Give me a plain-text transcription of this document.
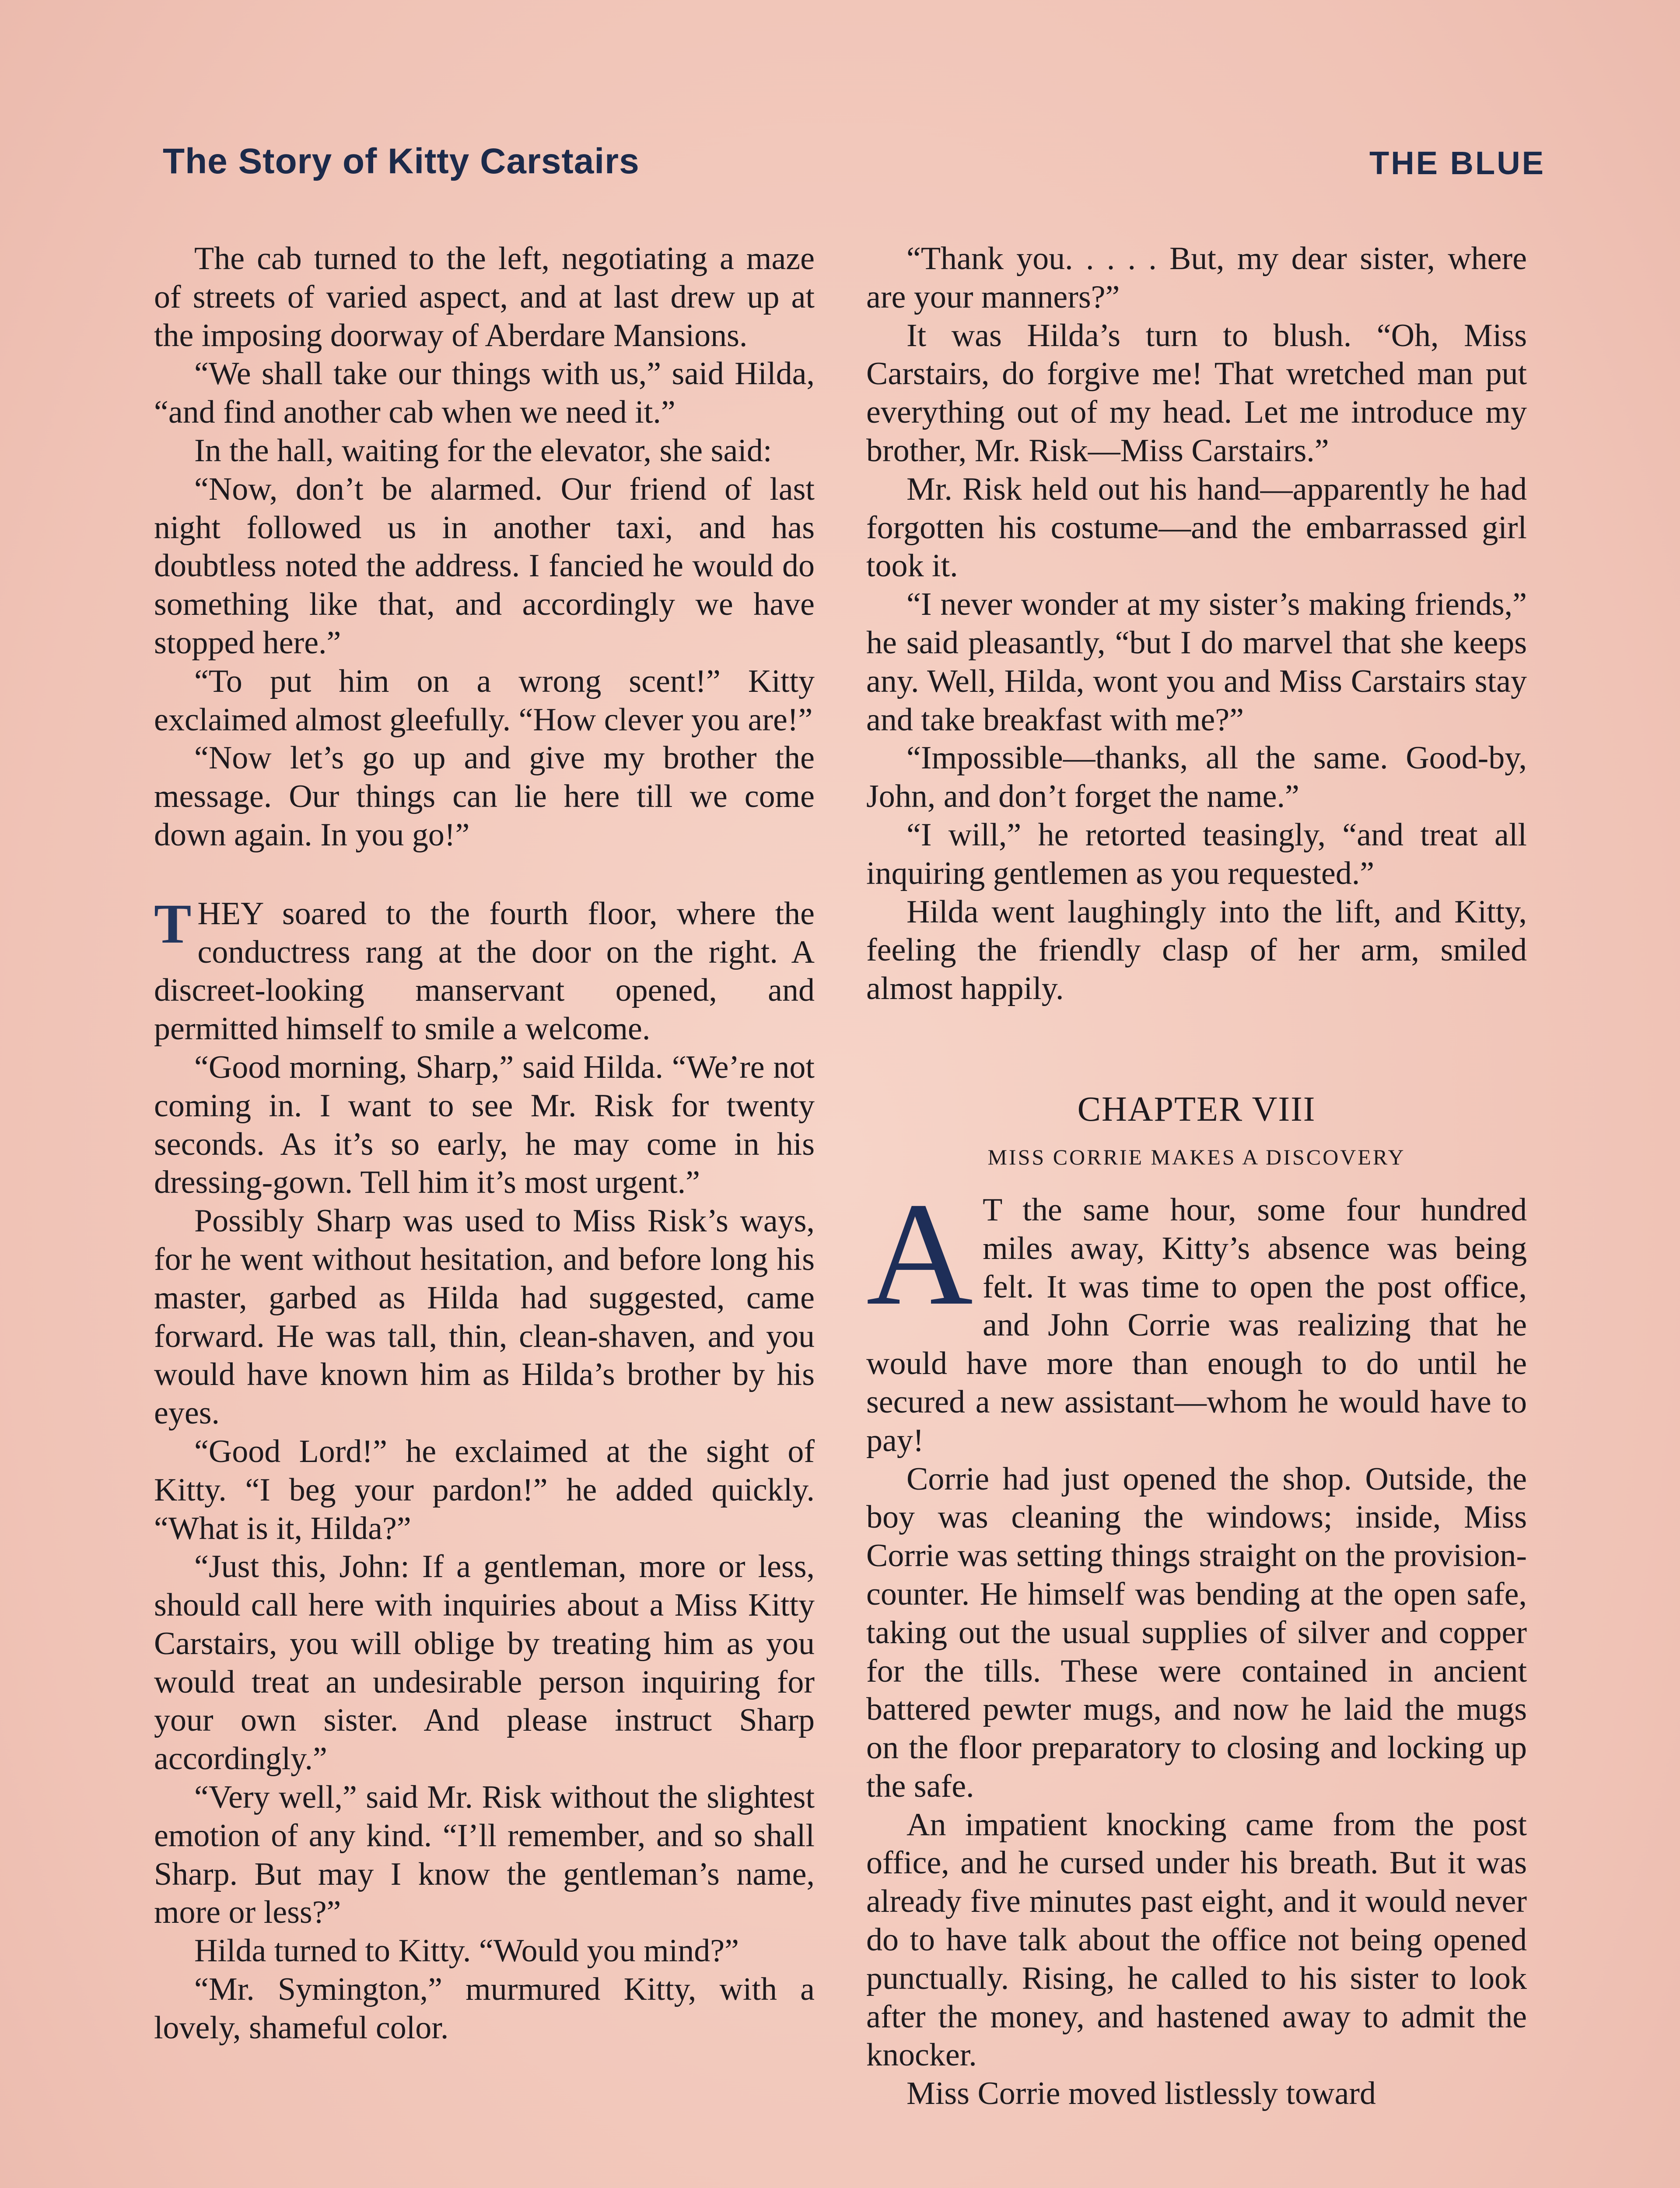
The Story of Kitty Carstairs	THE BLUE

The cab turned to the left, negotiating a maze of streets of varied aspect, and at last drew up at the imposing doorway of Aberdare Mansions.

“We shall take our things with us,” said Hilda, “and find another cab when we need it.”

In the hall, waiting for the elevator, she said:

“Now, don’t be alarmed. Our friend of last night followed us in another taxi, and has doubtless noted the address. I fancied he would do something like that, and accordingly we have stopped here.”

“To put him on a wrong scent!” Kitty exclaimed almost gleefully. “How clever you are!”

“Now let’s go up and give my brother the message. Our things can lie here till we come down again. In you go!”

THEY soared to the fourth floor, where the conductress rang at the door on the right. A discreet-looking manservant opened, and permitted himself to smile a welcome.

“Good morning, Sharp,” said Hilda. “We’re not coming in. I want to see Mr. Risk for twenty seconds. As it’s so early, he may come in his dressing-gown. Tell him it’s most urgent.”

Possibly Sharp was used to Miss Risk’s ways, for he went without hesitation, and before long his master, garbed as Hilda had suggested, came forward. He was tall, thin, clean-shaven, and you would have known him as Hilda’s brother by his eyes.

“Good Lord!” he exclaimed at the sight of Kitty. “I beg your pardon!” he added quickly. “What is it, Hilda?”

“Just this, John: If a gentleman, more or less, should call here with inquiries about a Miss Kitty Carstairs, you will oblige by treating him as you would treat an undesirable person inquiring for your own sister. And please instruct Sharp accordingly.”

“Very well,” said Mr. Risk without the slightest emotion of any kind. “I’ll remember, and so shall Sharp. But may I know the gentleman’s name, more or less?”

Hilda turned to Kitty. “Would you mind?”

“Mr. Symington,” murmured Kitty, with a lovely, shameful color.

“Thank you. . . . . But, my dear sister, where are your manners?”

It was Hilda’s turn to blush. “Oh, Miss Carstairs, do forgive me! That wretched man put everything out of my head. Let me introduce my brother, Mr. Risk—Miss Carstairs.”

Mr. Risk held out his hand—apparently he had forgotten his costume—and the embarrassed girl took it.

“I never wonder at my sister’s making friends,” he said pleasantly, “but I do marvel that she keeps any. Well, Hilda, wont you and Miss Carstairs stay and take breakfast with me?”

“Impossible—thanks, all the same. Good-by, John, and don’t forget the name.”

“I will,” he retorted teasingly, “and treat all inquiring gentlemen as you requested.”

Hilda went laughingly into the lift, and Kitty, feeling the friendly clasp of her arm, smiled almost happily.

CHAPTER VIII
MISS CORRIE MAKES A DISCOVERY

A T the same hour, some four hundred miles away, Kitty’s absence was being felt. It was time to open the post office, and John Corrie was realizing that he would have more than enough to do until he secured a new assistant—whom he would have to pay!

Corrie had just opened the shop. Outside, the boy was cleaning the windows; inside, Miss Corrie was setting things straight on the provision-counter. He himself was bending at the open safe, taking out the usual supplies of silver and copper for the tills. These were contained in ancient battered pewter mugs, and now he laid the mugs on the floor preparatory to closing and locking up the safe.

An impatient knocking came from the post office, and he cursed under his breath. But it was already five minutes past eight, and it would never do to have talk about the office not being opened punctually. Rising, he called to his sister to look after the money, and hastened away to admit the knocker.

Miss Corrie moved listlessly toward
